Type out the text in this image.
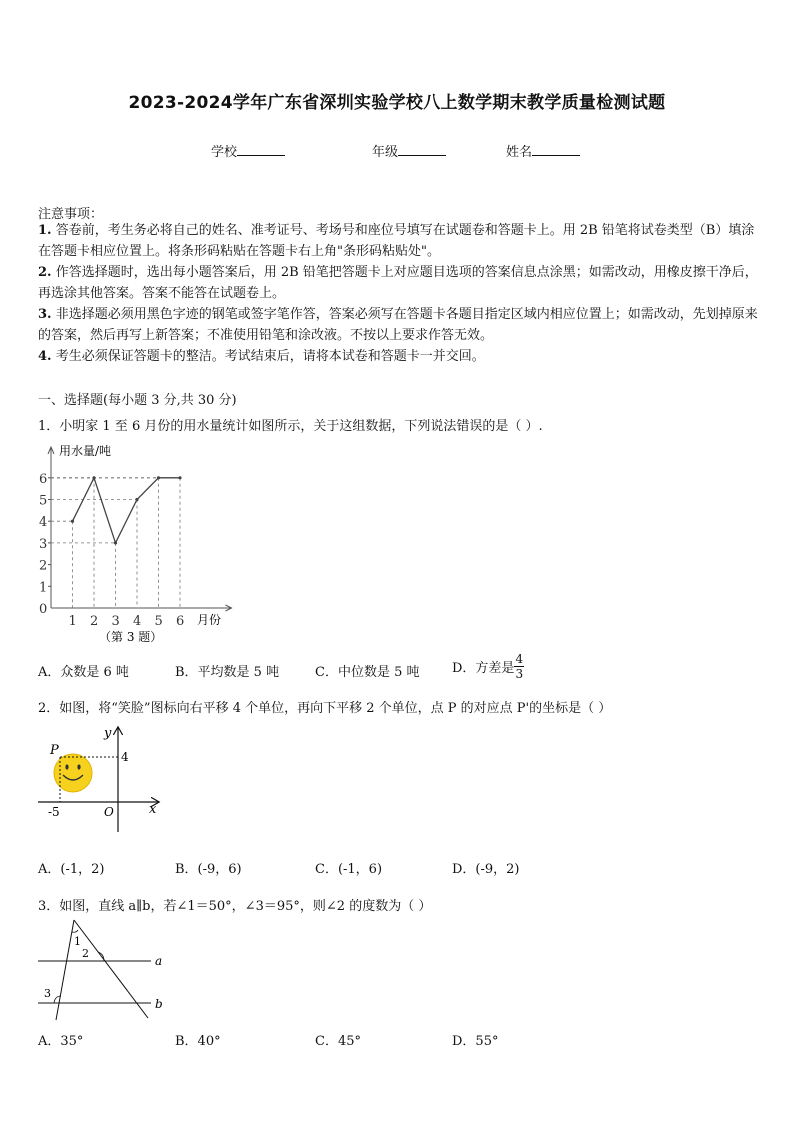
2023-2024学年广东省深圳实验学校八上数学期末教学质量检测试题
学校	年级	姓名
注意事项：
1. 答卷前，考生务必将自己的姓名、准考证号、考场号和座位号填写在试题卷和答题卡上。用 2B 铅笔将试卷类型（B）填涂在答题卡相应位置上。将条形码粘贴在答题卡右上角"条形码粘贴处"。
2. 作答选择题时，选出每小题答案后，用 2B 铅笔把答题卡上对应题目选项的答案信息点涂黑；如需改动，用橡皮擦干净后，再选涂其他答案。答案不能答在试题卷上。
3. 非选择题必须用黑色字迹的钢笔或签字笔作答，答案必须写在答题卡各题目指定区域内相应位置上；如需改动，先划掉原来的答案，然后再写上新答案；不准使用铅笔和涂改液。不按以上要求作答无效。
4. 考生必须保证答题卡的整洁。考试结束后，请将本试卷和答题卡一并交回。
一、选择题(每小题 3 分,共 30 分)
1．小明家 1 至 6 月份的用水量统计如图所示，关于这组数据，下列说法错误的是（ ）.
0
1
2
3
4
5
6
1 2 3 4 5 6
用水量/吨
月份
（第 3 题）
A．众数是 6 吨	B．平均数是 5 吨	C．中位数是 5 吨	D．方差是 $\frac{4}{3}$
2．如图，将“笑脸”图标向右平移 4 个单位，再向下平移 2 个单位，点 P 的对应点 P'的坐标是（ ）
P
y
x
O
-5
4
A．(-1，2)	B．(-9，6)	C．(-1，6)	D．(-9，2)
3．如图，直线 a∥b，若∠1＝50°，∠3＝95°，则∠2 的度数为（ ）
1
2
3
a
b
A．35°	B．40°	C．45°	D．55°
